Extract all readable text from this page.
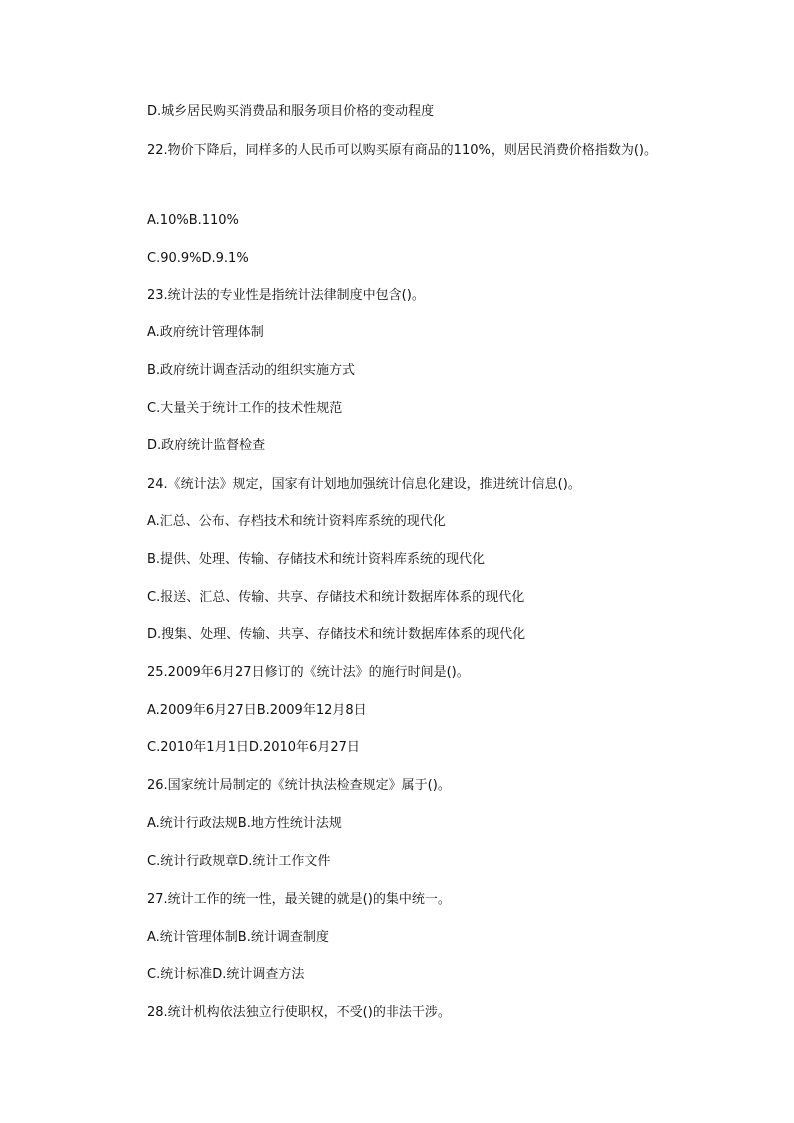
D.城乡居民购买消费品和服务项目价格的变动程度

22.物价下降后，同样多的人民币可以购买原有商品的110%，则居民消费价格指数为()。

A.10%B.110%

C.90.9%D.9.1%

23.统计法的专业性是指统计法律制度中包含()。

A.政府统计管理体制

B.政府统计调查活动的组织实施方式

C.大量关于统计工作的技术性规范

D.政府统计监督检查

24.《统计法》规定，国家有计划地加强统计信息化建设，推进统计信息()。

A.汇总、公布、存档技术和统计资料库系统的现代化

B.提供、处理、传输、存储技术和统计资料库系统的现代化

C.报送、汇总、传输、共享、存储技术和统计数据库体系的现代化

D.搜集、处理、传输、共享、存储技术和统计数据库体系的现代化

25.2009年6月27日修订的《统计法》的施行时间是()。

A.2009年6月27日B.2009年12月8日

C.2010年1月1日D.2010年6月27日

26.国家统计局制定的《统计执法检查规定》属于()。

A.统计行政法规B.地方性统计法规

C.统计行政规章D.统计工作文件

27.统计工作的统一性，最关键的就是()的集中统一。

A.统计管理体制B.统计调查制度

C.统计标准D.统计调查方法

28.统计机构依法独立行使职权，不受()的非法干涉。
